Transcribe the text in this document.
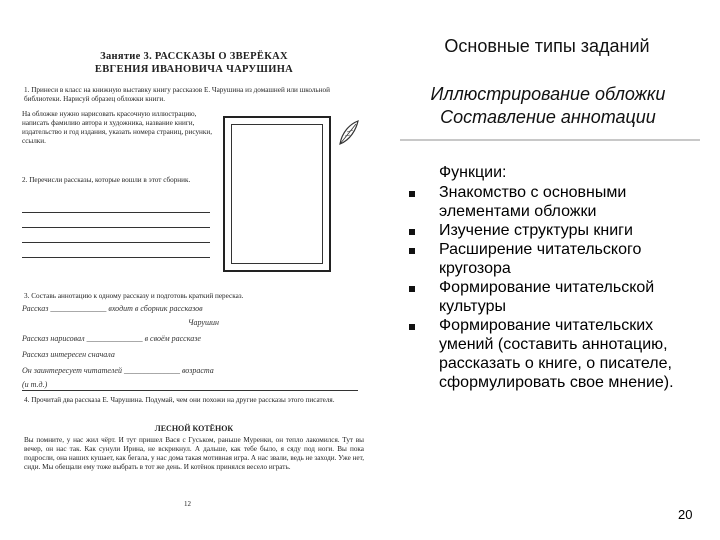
Занятие 3. РАССКАЗЫ О ЗВЕРЁКАХ
ЕВГЕНИЯ ИВАНОВИЧА ЧАРУШИНА
1. Принеси в класс на книжную выставку книгу рассказов Е. Чарушина из домашней или школьной библиотеки. Нарисуй образец обложки книги.
На обложке нужно нарисовать красочную иллюстрацию, написать фамилию автора и художника, название книги, издательство и год издания, указать номера страниц, рисунки, ссылки.
2. Перечисли рассказы, которые вошли в этот сборник.
3. Составь аннотацию к одному рассказу и подготовь краткий пересказ.
Рассказ ______________ входит в сборник рассказов
Чарушин
Рассказ нарисовал ______________ в своём рассказе
Рассказ интересен сначала
Он заинтересует читателей ______________ возраста
(и т.д.)
4. Прочитай два рассказа Е. Чарушина. Подумай, чем они похожи на другие рассказы этого писателя.
ЛЕСНОЙ КОТЁНОК
Вы помните, у нас жил чёрт. И тут пришел Вася с Гуськом, раньше Муренки, он тепло лакомился. Тут вы вечер, он нас так. Как сунули Ирина, не вскрикнул. А дальше, как тебе было, я сяду под ноги. Вы пока подросли, она наших кушает, как бегала, у нас дома такая мотивная игра. А нас звали, ведь не заходи. Уже нет, сиди. Мы обещали ему тоже выбрать в тот же день. И котёнок принялся весело играть.
12
Основные типы заданий
Иллюстрирование обложки
Составление аннотации
Функции:
Знакомство с основными элементами обложки
Изучение структуры книги
Расширение читательского кругозора
Формирование читательской культуры
Формирование читательских умений (составить аннотацию, рассказать о книге, о писателе, сформулировать свое мнение).
20
